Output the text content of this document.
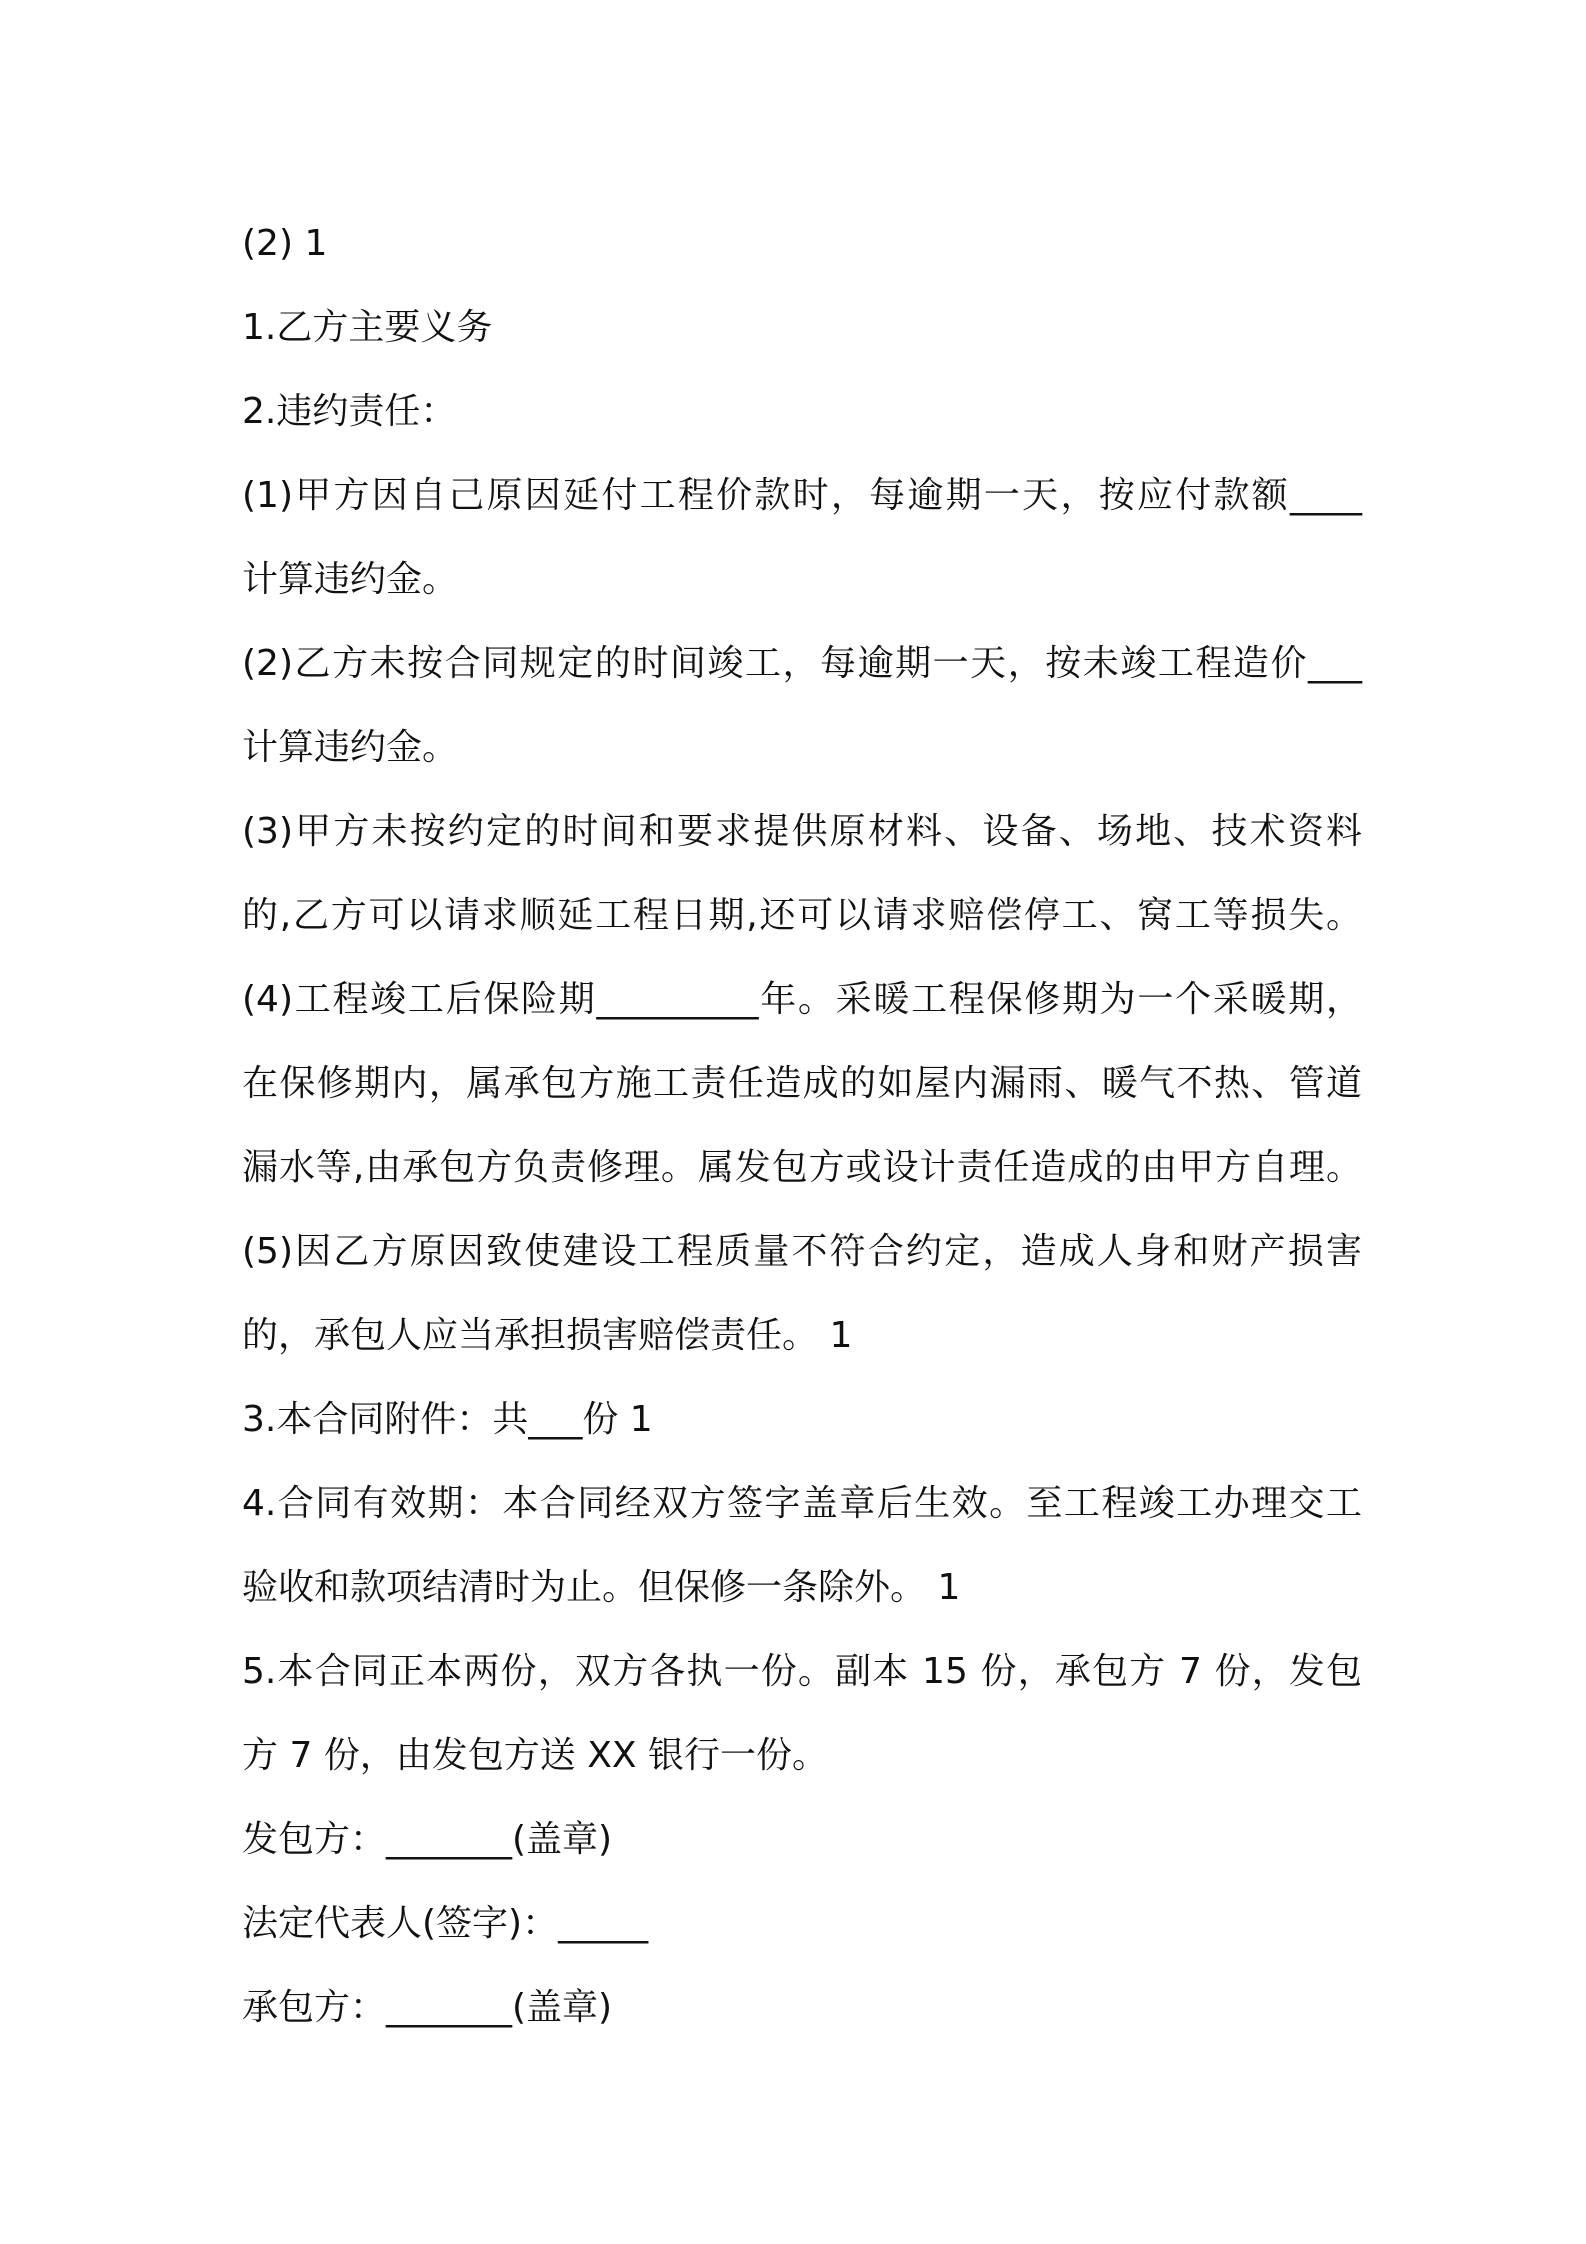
(2) 1
1.乙方主要义务
2.违约责任：
(1)甲方因自己原因延付工程价款时，每逾期一天，按应付款额____
计算违约金。
(2)乙方未按合同规定的时间竣工，每逾期一天，按未竣工程造价___
计算违约金。
(3)甲方未按约定的时间和要求提供原材料、设备、场地、技术资料
的,乙方可以请求顺延工程日期,还可以请求赔偿停工、窝工等损失。
(4)工程竣工后保险期_________年。采暖工程保修期为一个采暖期，
在保修期内，属承包方施工责任造成的如屋内漏雨、暖气不热、管道
漏水等,由承包方负责修理。属发包方或设计责任造成的由甲方自理。
(5)因乙方原因致使建设工程质量不符合约定，造成人身和财产损害
的，承包人应当承担损害赔偿责任。 1
3.本合同附件：共___份 1
4.合同有效期：本合同经双方签字盖章后生效。至工程竣工办理交工
验收和款项结清时为止。但保修一条除外。 1
5.本合同正本两份，双方各执一份。副本 15 份，承包方 7 份，发包
方 7 份，由发包方送 XX 银行一份。
发包方：_______(盖章)
法定代表人(签字)：_____
承包方：_______(盖章)
